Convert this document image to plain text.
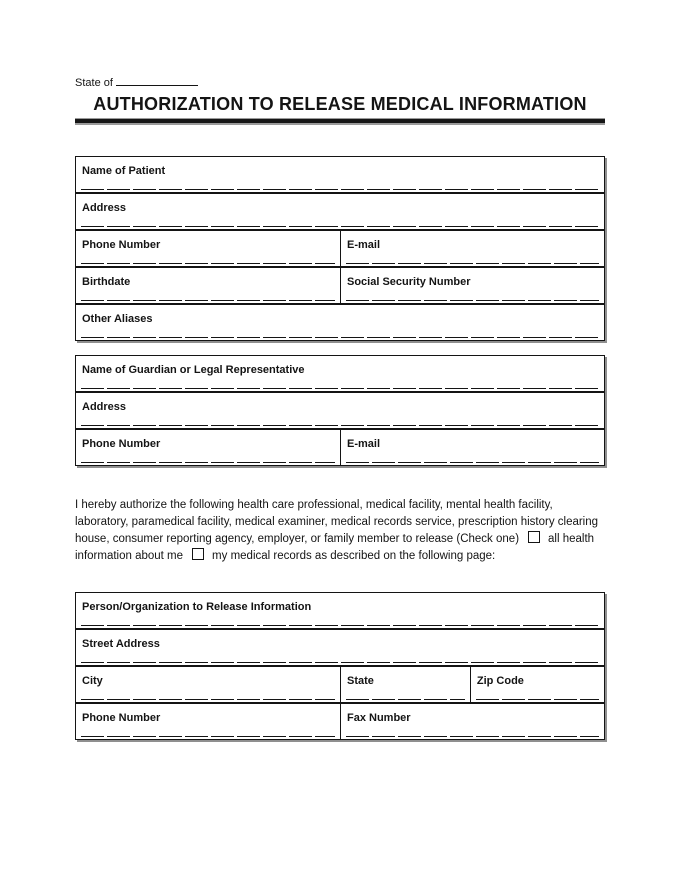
State of
AUTHORIZATION TO RELEASE MEDICAL INFORMATION
Name of Patient
Address
Phone Number	E-mail
Birthdate	Social Security Number
Other Aliases
Name of Guardian or Legal Representative
Address
Phone Number	E-mail

I hereby authorize the following health care professional, medical facility, mental health facility, laboratory, paramedical facility, medical examiner, medical records service, prescription history clearing house, consumer reporting agency, employer, or family member to release (Check one)	all health information about me	my medical records as described on the following page:

Person/Organization to Release Information
Street Address
City	State	Zip Code
Phone Number	Fax Number
